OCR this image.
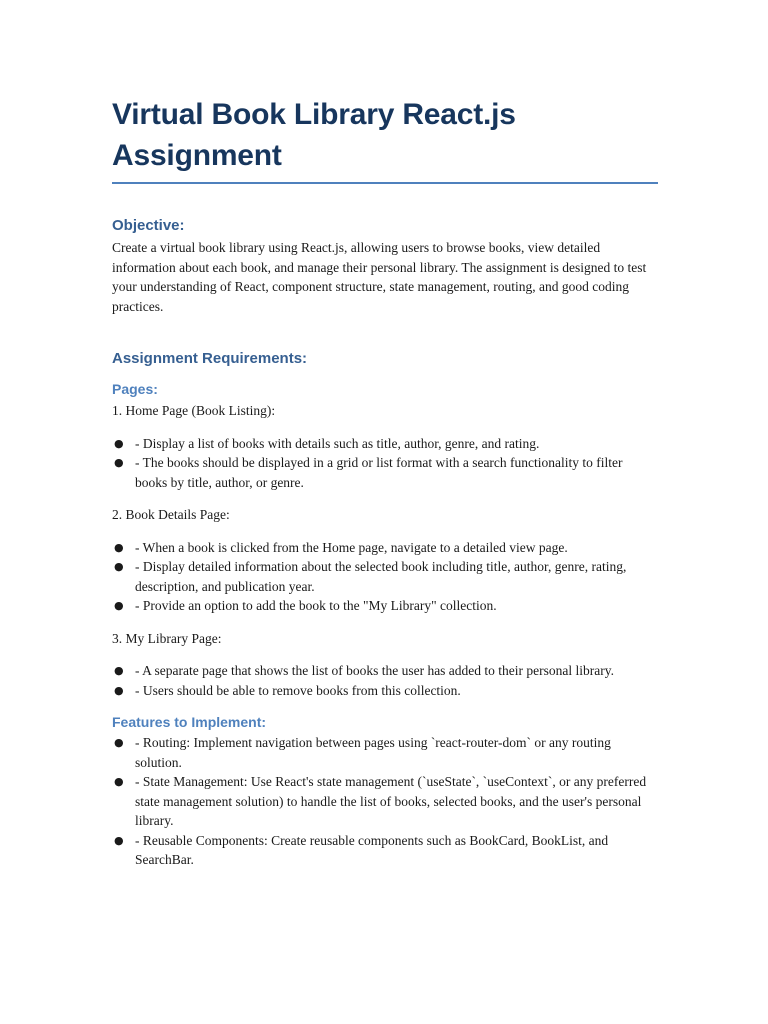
Virtual Book Library React.js Assignment
Objective:

Create a virtual book library using React.js, allowing users to browse books, view detailed information about each book, and manage their personal library. The assignment is designed to test your understanding of React, component structure, state management, routing, and good coding practices.

Assignment Requirements:
Pages:

1. Home Page (Book Listing):

● - Display a list of books with details such as title, author, genre, and rating.
● - The books should be displayed in a grid or list format with a search functionality to filter books by title, author, or genre.

2. Book Details Page:

● - When a book is clicked from the Home page, navigate to a detailed view page.
● - Display detailed information about the selected book including title, author, genre, rating, description, and publication year.
● - Provide an option to add the book to the "My Library" collection.

3. My Library Page:

● - A separate page that shows the list of books the user has added to their personal library.
● - Users should be able to remove books from this collection.
Features to Implement:
● - Routing: Implement navigation between pages using `react-router-dom` or any routing solution.
● - State Management: Use React's state management (`useState`, `useContext`, or any preferred state management solution) to handle the list of books, selected books, and the user's personal library.
● - Reusable Components: Create reusable components such as BookCard, BookList, and SearchBar.
